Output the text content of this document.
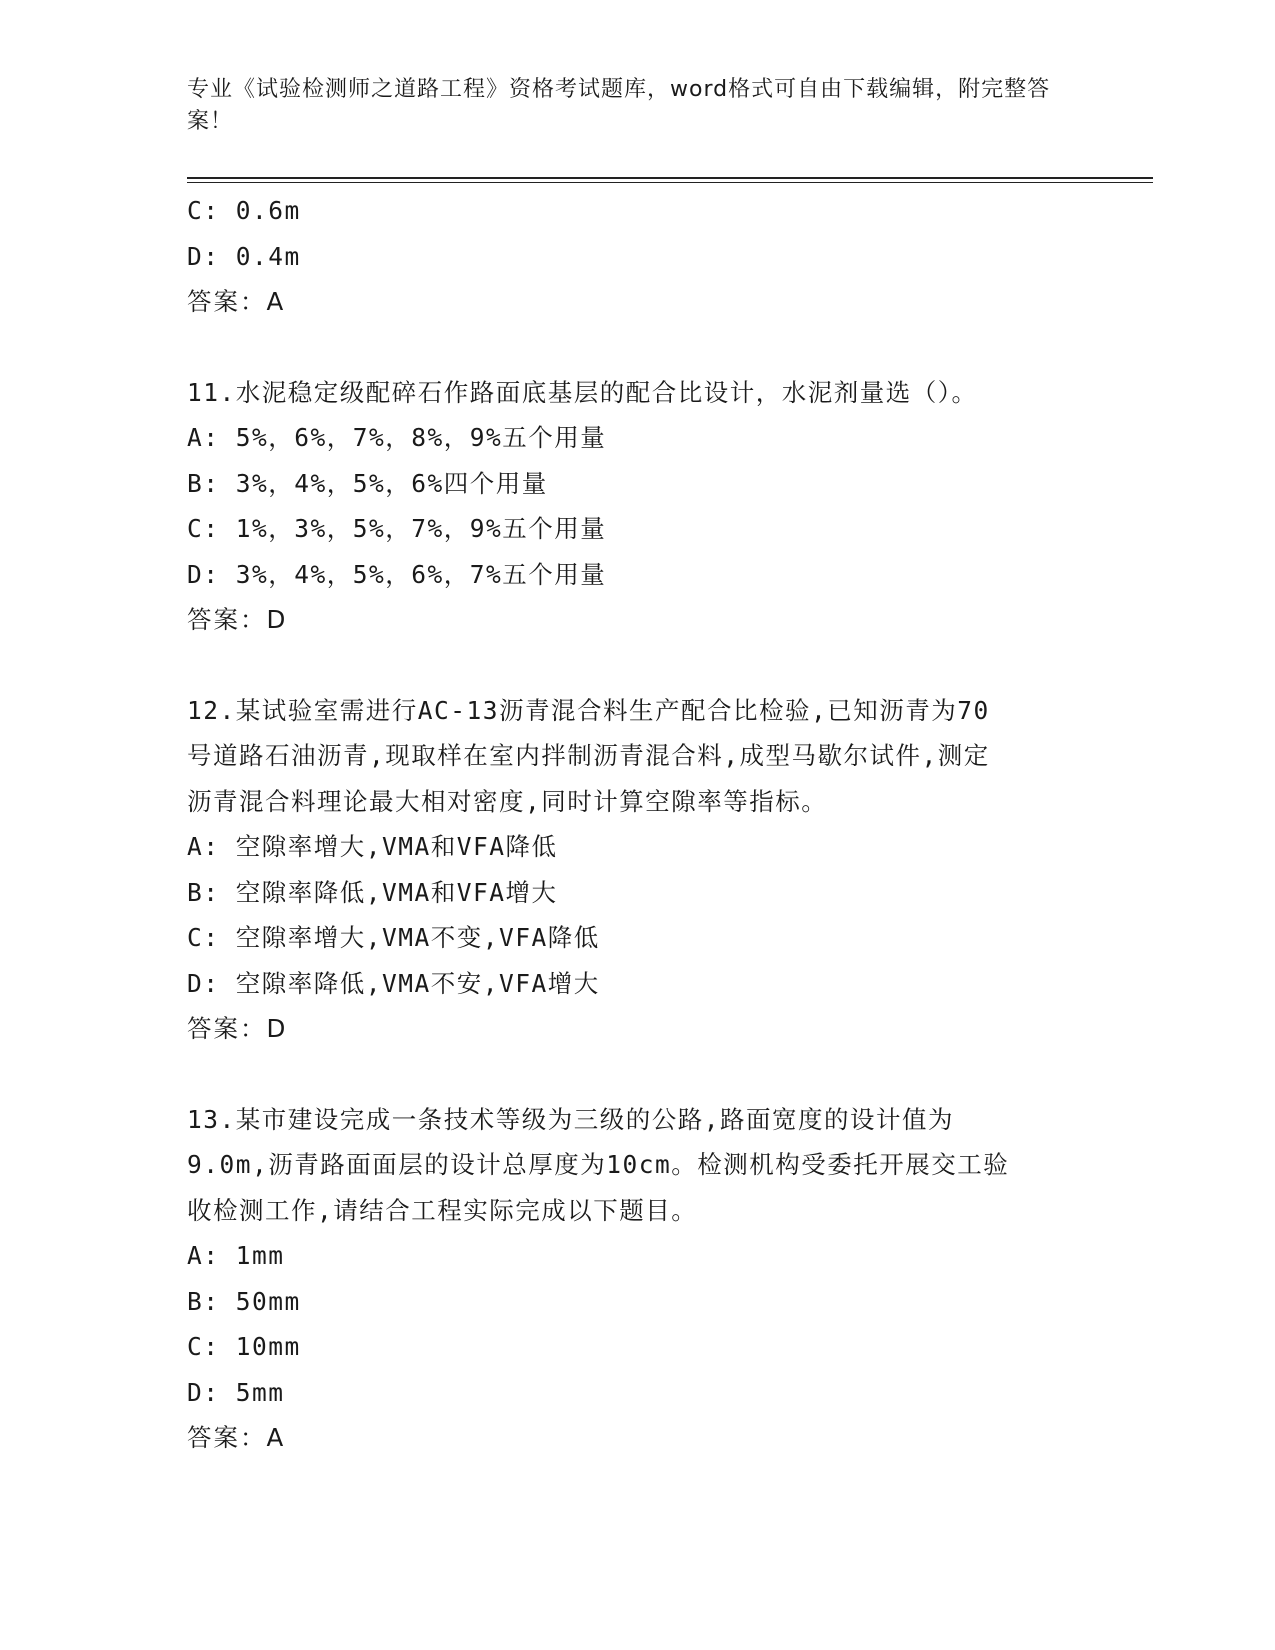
专业《试验检测师之道路工程》资格考试题库，word格式可自由下载编辑，附完整答案！
C: 0.6m
D: 0.4m
答案：A
11.水泥稳定级配碎石作路面底基层的配合比设计，水泥剂量选（）。
A: 5%，6%，7%，8%，9%五个用量
B: 3%，4%，5%，6%四个用量
C: 1%，3%，5%，7%，9%五个用量
D: 3%，4%，5%，6%，7%五个用量
答案：D
12.某试验室需进行AC-13沥青混合料生产配合比检验,已知沥青为70
号道路石油沥青,现取样在室内拌制沥青混合料,成型马歇尔试件,测定
沥青混合料理论最大相对密度,同时计算空隙率等指标。
A: 空隙率增大,VMA和VFA降低
B: 空隙率降低,VMA和VFA增大
C: 空隙率增大,VMA不变,VFA降低
D: 空隙率降低,VMA不安,VFA增大
答案：D
13.某市建设完成一条技术等级为三级的公路,路面宽度的设计值为
9.0m,沥青路面面层的设计总厚度为10cm。检测机构受委托开展交工验
收检测工作,请结合工程实际完成以下题目。
A: 1mm
B: 50mm
C: 10mm
D: 5mm
答案：A
